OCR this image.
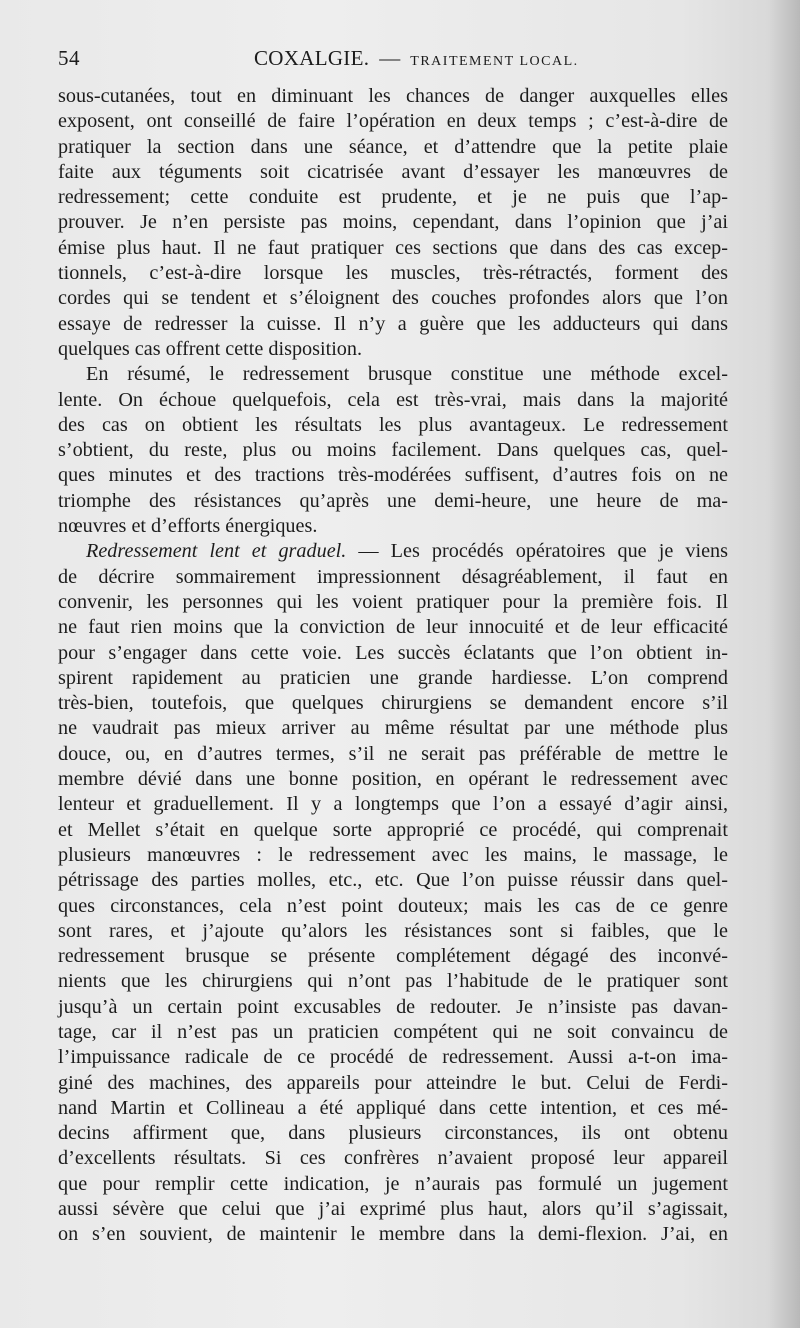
54	COXALGIE. — TRAITEMENT LOCAL.
sous-cutanées, tout en diminuant les chances de danger auxquelles elles
exposent, ont conseillé de faire l’opération en deux temps ; c’est-à-dire de
pratiquer la section dans une séance, et d’attendre que la petite plaie
faite aux téguments soit cicatrisée avant d’essayer les manœuvres de
redressement; cette conduite est prudente, et je ne puis que l’ap-
prouver. Je n’en persiste pas moins, cependant, dans l’opinion que j’ai
émise plus haut. Il ne faut pratiquer ces sections que dans des cas excep-
tionnels, c’est-à-dire lorsque les muscles, très-rétractés, forment des
cordes qui se tendent et s’éloignent des couches profondes alors que l’on
essaye de redresser la cuisse. Il n’y a guère que les adducteurs qui dans
quelques cas offrent cette disposition.
En résumé, le redressement brusque constitue une méthode excel-
lente. On échoue quelquefois, cela est très-vrai, mais dans la majorité
des cas on obtient les résultats les plus avantageux. Le redressement
s’obtient, du reste, plus ou moins facilement. Dans quelques cas, quel-
ques minutes et des tractions très-modérées suffisent, d’autres fois on ne
triomphe des résistances qu’après une demi-heure, une heure de ma-
nœuvres et d’efforts énergiques.
Redressement lent et graduel. — Les procédés opératoires que je viens
de décrire sommairement impressionnent désagréablement, il faut en
convenir, les personnes qui les voient pratiquer pour la première fois. Il
ne faut rien moins que la conviction de leur innocuité et de leur efficacité
pour s’engager dans cette voie. Les succès éclatants que l’on obtient in-
spirent rapidement au praticien une grande hardiesse. L’on comprend
très-bien, toutefois, que quelques chirurgiens se demandent encore s’il
ne vaudrait pas mieux arriver au même résultat par une méthode plus
douce, ou, en d’autres termes, s’il ne serait pas préférable de mettre le
membre dévié dans une bonne position, en opérant le redressement avec
lenteur et graduellement. Il y a longtemps que l’on a essayé d’agir ainsi,
et Mellet s’était en quelque sorte approprié ce procédé, qui comprenait
plusieurs manœuvres : le redressement avec les mains, le massage, le
pétrissage des parties molles, etc., etc. Que l’on puisse réussir dans quel-
ques circonstances, cela n’est point douteux; mais les cas de ce genre
sont rares, et j’ajoute qu’alors les résistances sont si faibles, que le
redressement brusque se présente complétement dégagé des inconvé-
nients que les chirurgiens qui n’ont pas l’habitude de le pratiquer sont
jusqu’à un certain point excusables de redouter. Je n’insiste pas davan-
tage, car il n’est pas un praticien compétent qui ne soit convaincu de
l’impuissance radicale de ce procédé de redressement. Aussi a-t-on ima-
giné des machines, des appareils pour atteindre le but. Celui de Ferdi-
nand Martin et Collineau a été appliqué dans cette intention, et ces mé-
decins affirment que, dans plusieurs circonstances, ils ont obtenu
d’excellents résultats. Si ces confrères n’avaient proposé leur appareil
que pour remplir cette indication, je n’aurais pas formulé un jugement
aussi sévère que celui que j’ai exprimé plus haut, alors qu’il s’agissait,
on s’en souvient, de maintenir le membre dans la demi-flexion. J’ai, en
